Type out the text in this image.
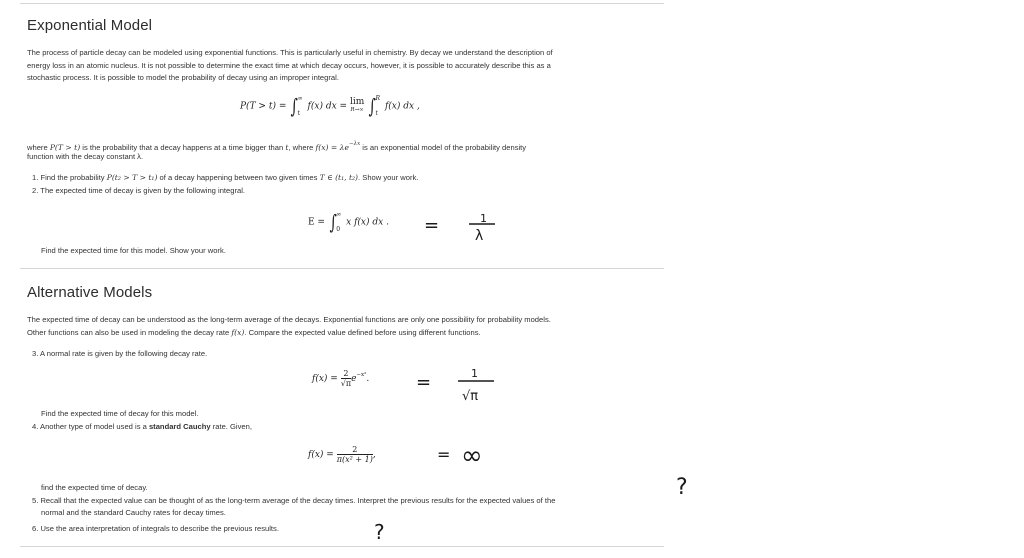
Exponential Model

The process of particle decay can be modeled using exponential functions. This is particularly useful in chemistry. By decay we understand the description of

energy loss in an atomic nucleus. It is not possible to determine the exact time at which decay occurs, however, it is possible to accurately describe this as a

stochastic process. It is possible to model the probability of decay using an improper integral.

P(T > t) = ∫ ∞
t
f(x) dx = lim
R→∞ ∫ R
t
f(x) dx ,
where P(T > t) is the probability that a decay happens at a time bigger than t, where $f(x) = \lambda e^{-\lambda x}$ is an exponential model of the probability density
function with the decay constant λ.
1. Find the probability P(t₂ > T > t₁) of a decay happening between two given times T ∈ (t₁, t₂). Show your work.
2. The expected time of decay is given by the following integral.
E = ∫ ∞
0
x f(x) dx . =	1
λ
Find the expected time for this model. Show your work.
Alternative Models

The expected time of decay can be understood as the long-term average of the decays. Exponential functions are only one possibility for probability models.

Other functions can also be used in modeling the decay rate f(x). Compare the expected value defined before using different functions.

3. A normal rate is given by the following decay rate.
$f(x) = \frac{2}{√\pi} e^{-x^2}$.	=	1
√π
Find the expected time of decay for this model.
4. Another type of model used is a standard Cauchy rate. Given,
$f(x) = \frac{2}{\text{π(x² + 1)}}$ ,	= ∞
find the expected time of decay.

5. Recall that the expected value can be thought of as the long-term average of the decay times. Interpret the previous results for the expected values of the

normal and the standard Cauchy rates for decay times.

6. Use the area interpretation of integrals to describe the previous results.
?
?
